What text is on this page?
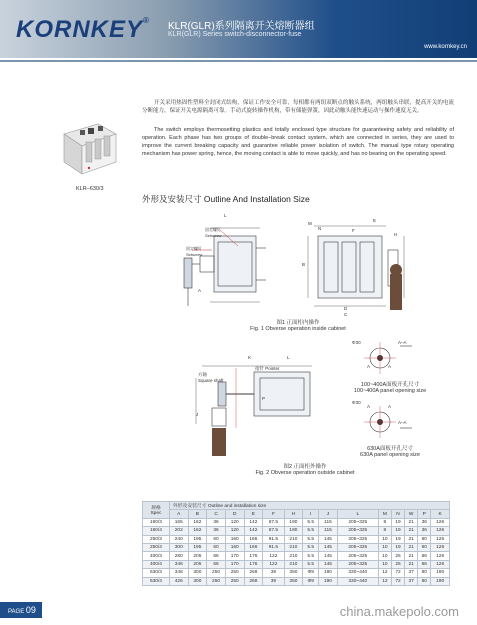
KORNKEY®
KLR(GLR)系列隔离开关熔断器组
KLR(GLR) Series switch-disconnector-fuse
www.kornkey.cn
KLR–630/3
开关采用热固性塑料全封闭式结构，保证工作安全可靠，每相都有两组双断点的触头系统，两组触头串联，提高开关的电流分断能力，保证开关电源隔离可靠。手动式旋转操作机构，带有储能弹簧，因此动触头能快速运动与操作速度无关。
The switch employs thermosetting plastics and totally enclosed type structure for guaranteeing safety and reliability of operation. Each phase has two groups of double–break contact system, which are connected in series, they are used to improve the current breaking capacity and guarantee reliable power isolation of switch. The manual type rotary operating mechanism has power spring, hence, the moving contact is able to move quickly, and has no bearing on the operating speed.
外形及安装尺寸 Outline And Installation Size
固定螺钉
Setscrew
固定螺钉
Setscrew
L
M
N
E
F
H
D
C
B
A
图1 正面柜内操作
Fig. 1 Obverse operation inside cabinet
方轴
Square shaft
指针 Pointer
K	L
P
J
图2 正面柜外操作
Fig. 2 Obverse operation outside cabinet
Φ30	A–A
A	A
100~400A面板开孔尺寸
100~400A panel opening size
Φ30
A–A
A	A
630A面板开孔尺寸
630A panel opening size
规格
Spec	外形及安装尺寸 Outline and installation size														
	A	B	C	D	E	F	H	I	J	L	M	N	W	P	K
160/3	165	162	36	120	142	67.5	190	5.5	115	205~325	8	19	21	36	126
160/4	202	162	36	120	142	67.5	190	5.5	115	205~325	8	19	21	36	126
250/3	240	195	60	160	166	91.5	210	5.5	145	205~325	10	19	21	60	126
250/4	300	195	60	160	166	91.5	210	5.5	145	205~325	10	19	21	60	126
400/3	280	205	66	170	176	122	210	5.5	145	205~325	10	25	21	66	126
400/4	346	205	66	170	176	122	210	5.5	145	205~325	10	25	21	66	126
630/3	346	300	250	250	268	39	350	Φ9	190	330~440	12	72	37	80	190
630/4	426	300	250	250	268	39	350	Φ9	190	330~440	12	72	37	80	190
PAGE 09	china.makepolo.com
